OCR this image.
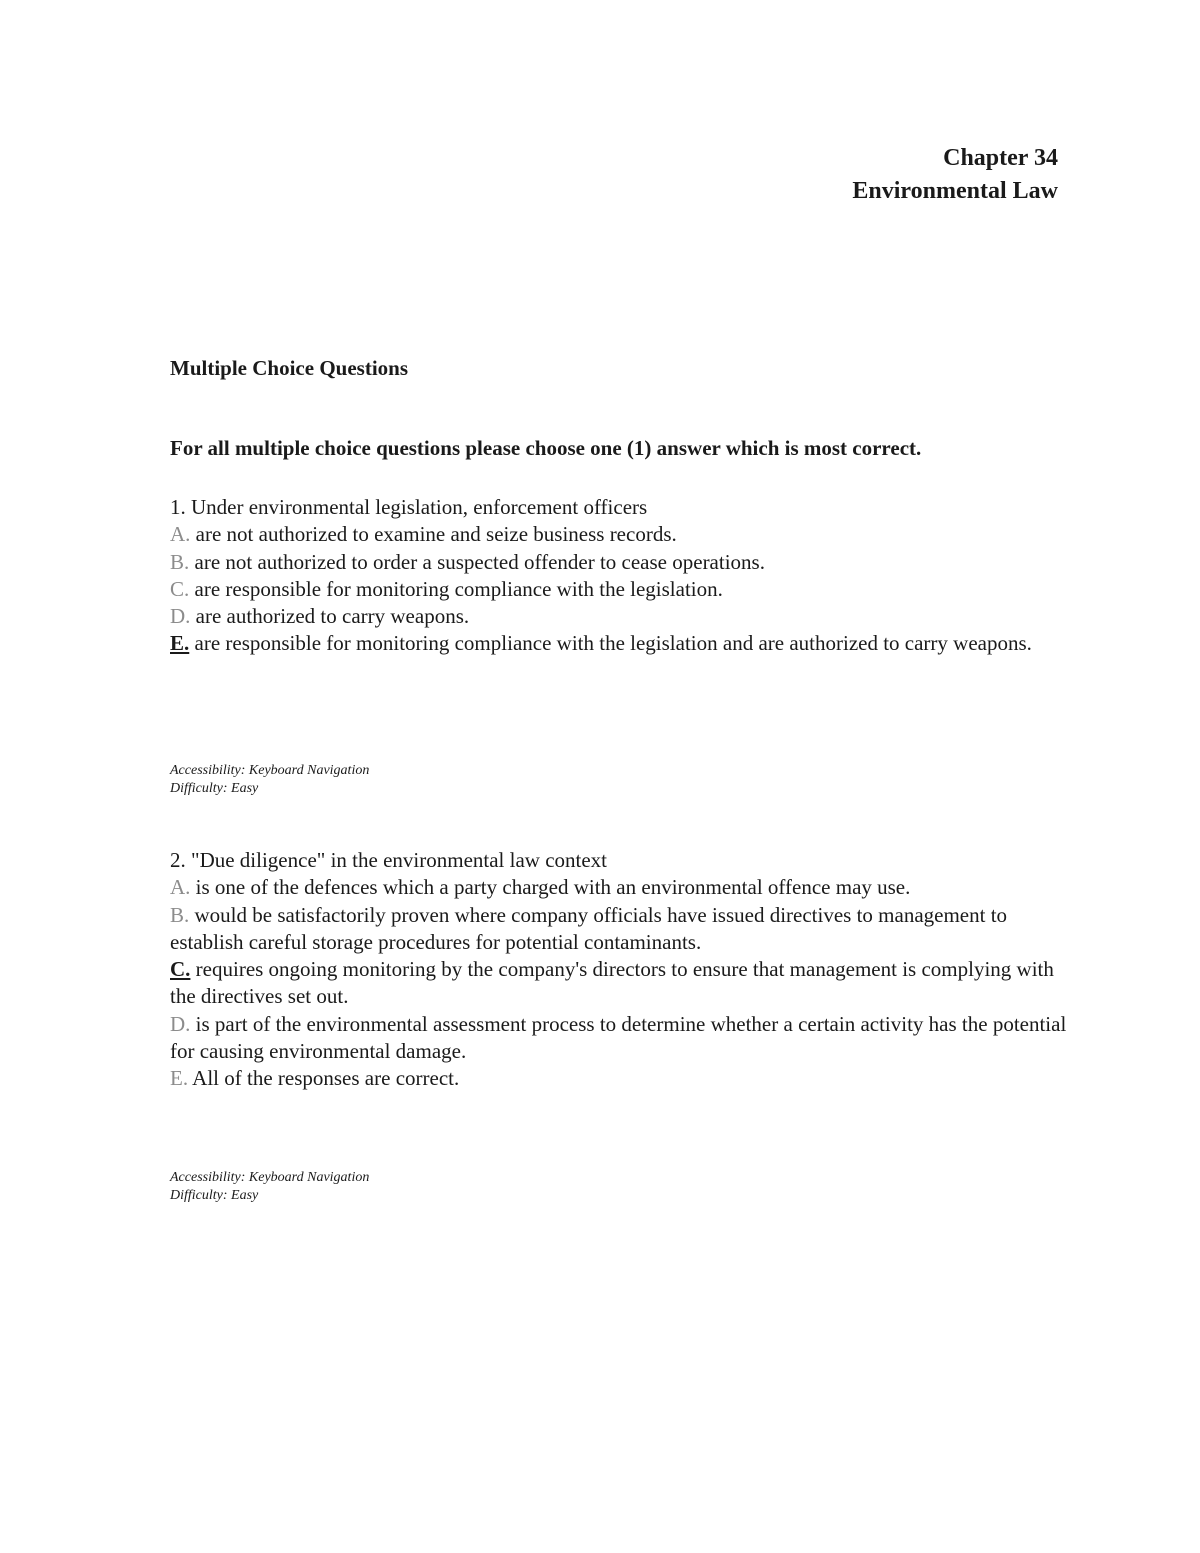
Chapter 34
Environmental Law
Multiple Choice Questions
For all multiple choice questions please choose one (1) answer which is most correct.

1. Under environmental legislation, enforcement officers

A. are not authorized to examine and seize business records.

B. are not authorized to order a suspected offender to cease operations.

C. are responsible for monitoring compliance with the legislation.

D. are authorized to carry weapons.

E. are responsible for monitoring compliance with the legislation and are authorized to carry weapons.

Accessibility: Keyboard Navigation

Difficulty: Easy

2. "Due diligence" in the environmental law context

A. is one of the defences which a party charged with an environmental offence may use.

B. would be satisfactorily proven where company officials have issued directives to management to establish careful storage procedures for potential contaminants.

C. requires ongoing monitoring by the company's directors to ensure that management is complying with the directives set out.

D. is part of the environmental assessment process to determine whether a certain activity has the potential for causing environmental damage.

E. All of the responses are correct.

Accessibility: Keyboard Navigation

Difficulty: Easy
